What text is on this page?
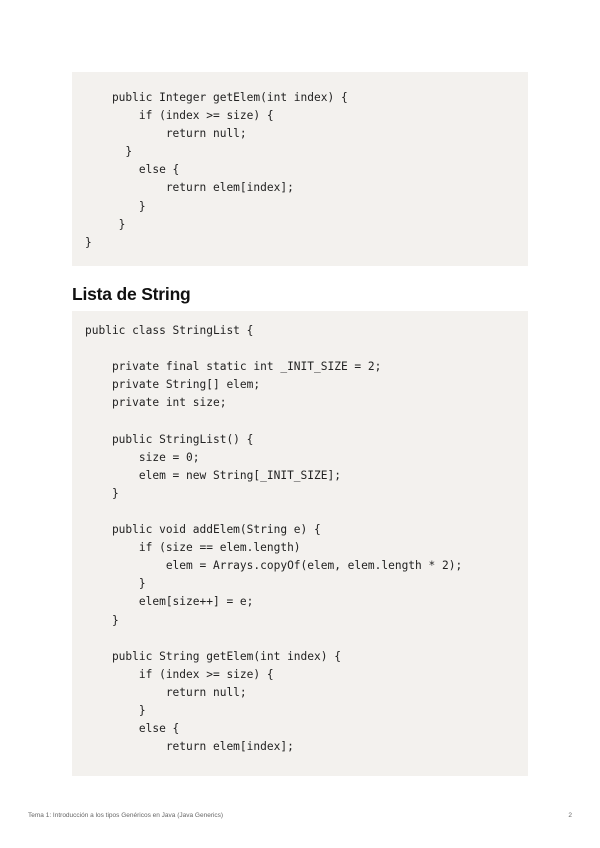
public Integer getElem(int index) {
if (index >= size) {
return null;
}
else {
return elem[index];
}
}
}
Lista de String
public class StringList {
private final static int _INIT_SIZE = 2;
private String[] elem;
private int size;
public StringList() {
size = 0;
elem = new String[_INIT_SIZE];
}
public void addElem(String e) {
if (size == elem.length)
elem = Arrays.copyOf(elem, elem.length * 2);
}
elem[size++] = e;
}
public String getElem(int index) {
if (index >= size) {
return null;
}
else {
return elem[index];
Tema 1: Introducción a los tipos Genéricos en Java (Java Generics)	2
